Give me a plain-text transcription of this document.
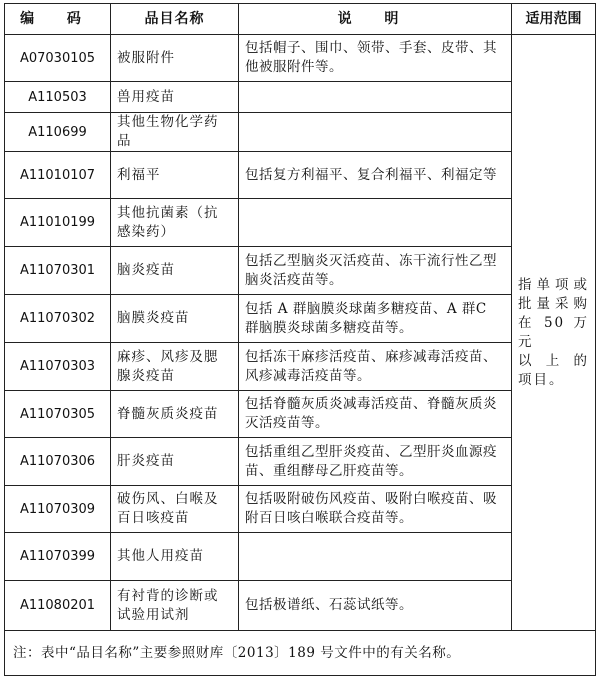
编 码	品目名称	说 明	适用范围
A07030105	被服附件	包括帽子、围巾、领带、手套、皮带、其他被服附件等。	指单项或
批量采购
在 50 万元
以 上 的
项目。

A110503	兽用疫苗		
A110699	其他生物化学药品		
A11010107	利福平	包括复方利福平、复合利福平、利福定等	
A11010199	其他抗菌素（抗感染药）		
A11070301	脑炎疫苗	包括乙型脑炎灭活疫苗、冻干流行性乙型脑炎活疫苗等。	
A11070302	脑膜炎疫苗	包括 A 群脑膜炎球菌多糖疫苗、A 群C 群脑膜炎球菌多糖疫苗等。	
A11070303	麻疹、风疹及腮腺炎疫苗	包括冻干麻疹活疫苗、麻疹减毒活疫苗、风疹减毒活疫苗等。	
A11070305	脊髓灰质炎疫苗	包括脊髓灰质炎减毒活疫苗、脊髓灰质炎灭活疫苗等。	
A11070306	肝炎疫苗	包括重组乙型肝炎疫苗、乙型肝炎血源疫苗、重组酵母乙肝疫苗等。	
A11070309	破伤风、白喉及百日咳疫苗	包括吸附破伤风疫苗、吸附白喉疫苗、吸附百日咳白喉联合疫苗等。	
A11070399	其他人用疫苗		
A11080201	有衬背的诊断或试验用试剂	包括极谱纸、石蕊试纸等。	
注：表中“品目名称”主要参照财库〔2013〕189 号文件中的有关名称。			
